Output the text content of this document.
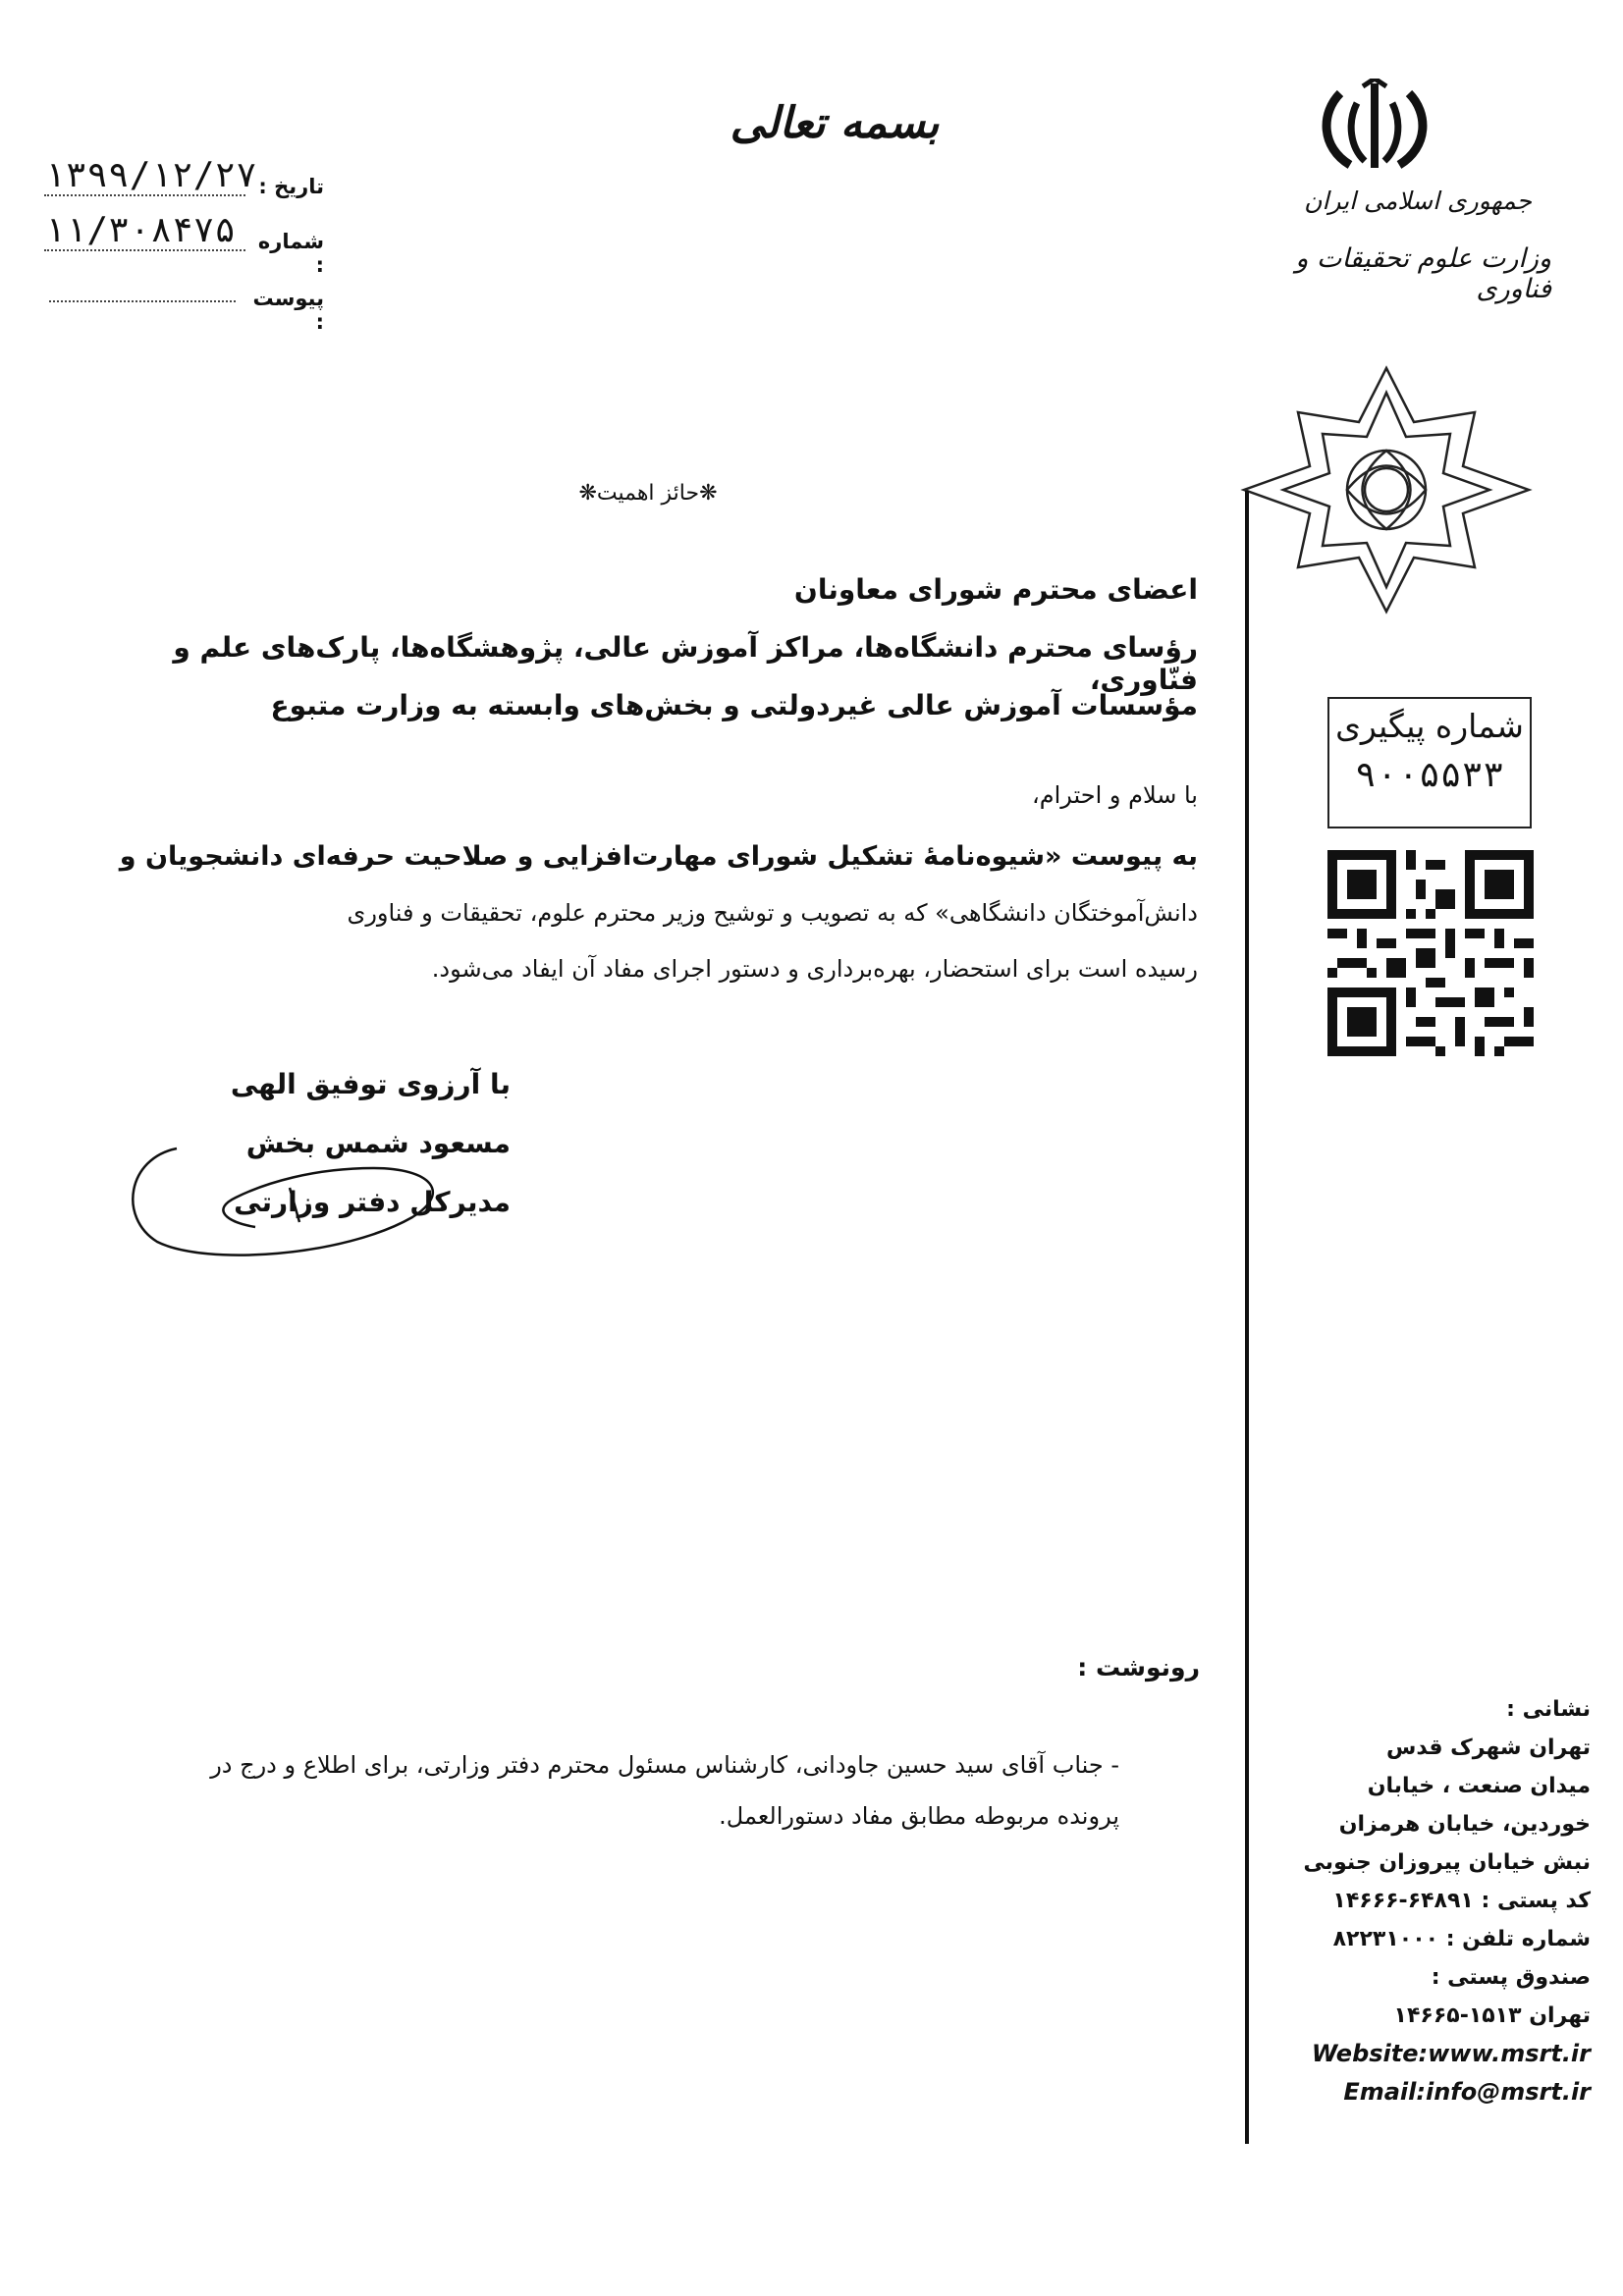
بسمه تعالی
تاریخ :
۱۳۹۹/۱۲/۲۷
شماره :
۱۱/۳۰۸۴۷۵
پیوست :
جمهوری اسلامی ایران
وزارت علوم تحقیقات و فناوری
شماره پیگیری
۹۰۰۵۵۳۳
نشانی :
تهران شهرک قدس
میدان صنعت ، خیابان
خوردین، خیابان هرمزان
نبش خیابان پیروزان جنوبی
کد پستی : ۶۴۸۹۱-۱۴۶۶۶
شماره تلفن : ۸۲۲۳۱۰۰۰
صندوق پستی :
تهران ۱۵۱۳-۱۴۶۶۵
Website:www.msrt.ir
Email:info@msrt.ir
❋حائز اهمیت❋
اعضای محترم شورای معاونان
رؤسای محترم دانشگاه‌ها، مراکز آموزش عالی، پژوهشگاه‌ها، پارک‌های علم و فنّاوری،
مؤسسات آموزش عالی غیردولتی و بخش‌های وابسته به وزارت متبوع
با سلام و احترام،
به پیوست «شیوه‌نامهٔ تشکیل شورای مهارت‌افزایی و صلاحیت حرفه‌ای دانشجویان و
دانش‌آموختگان دانشگاهی» که به تصویب و توشیح وزیر محترم علوم، تحقیقات و فناوری
رسیده است برای استحضار، بهره‌برداری و دستور اجرای مفاد آن ایفاد می‌شود.
با آرزوی توفیق الهی
مسعود شمس بخش
مدیرکل دفتر وزارتی
رونوشت :
- جناب آقای سید حسین جاودانی، کارشناس مسئول محترم دفتر وزارتی، برای اطلاع و درج در
پرونده مربوطه مطابق مفاد دستورالعمل.
